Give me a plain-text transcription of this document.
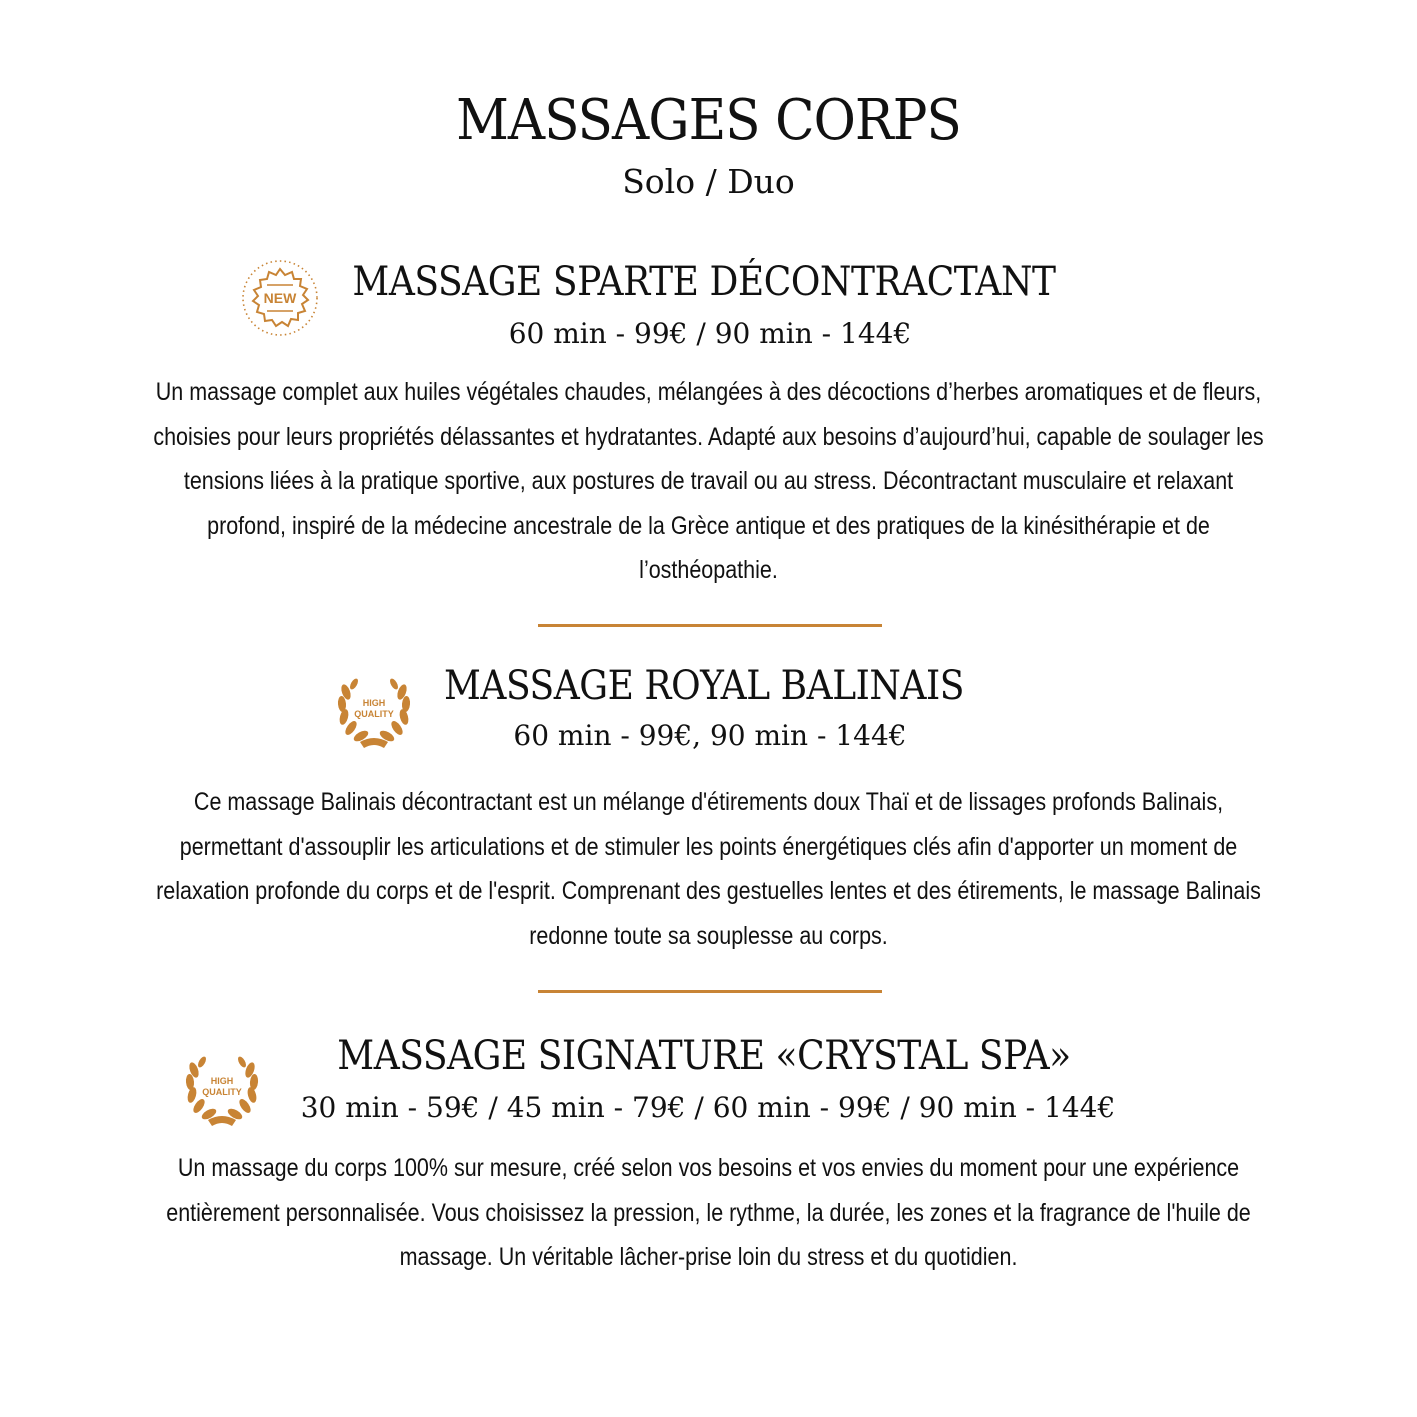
MASSAGES CORPS
Solo / Duo
NEW MASSAGE SPARTE DÉCONTRACTANT
60 min - 99€ / 90 min - 144€
Un massage complet aux huiles végétales chaudes, mélangées à des décoctions d’herbes aromatiques et de fleurs, choisies pour leurs propriétés délassantes et hydratantes. Adapté aux besoins d’aujourd’hui, capable de soulager les tensions liées à la pratique sportive, aux postures de travail ou au stress. Décontractant musculaire et relaxant profond, inspiré de la médecine ancestrale de la Grèce antique et des pratiques de la kinésithérapie et de l’osthéopathie.
HIGH
QUALITY
MASSAGE ROYAL BALINAIS
60 min - 99€, 90 min - 144€
Ce massage Balinais décontractant est un mélange d'étirements doux Thaï et de lissages profonds Balinais, permettant d'assouplir les articulations et de stimuler les points énergétiques clés afin d'apporter un moment de relaxation profonde du corps et de l'esprit. Comprenant des gestuelles lentes et des étirements, le massage Balinais redonne toute sa souplesse au corps.
HIGH
QUALITY
MASSAGE SIGNATURE «CRYSTAL SPA»
30 min - 59€ / 45 min - 79€ / 60 min - 99€ / 90 min - 144€
Un massage du corps 100% sur mesure, créé selon vos besoins et vos envies du moment pour une expérience entièrement personnalisée. Vous choisissez la pression, le rythme, la durée, les zones et la fragrance de l'huile de massage. Un véritable lâcher-prise loin du stress et du quotidien.
